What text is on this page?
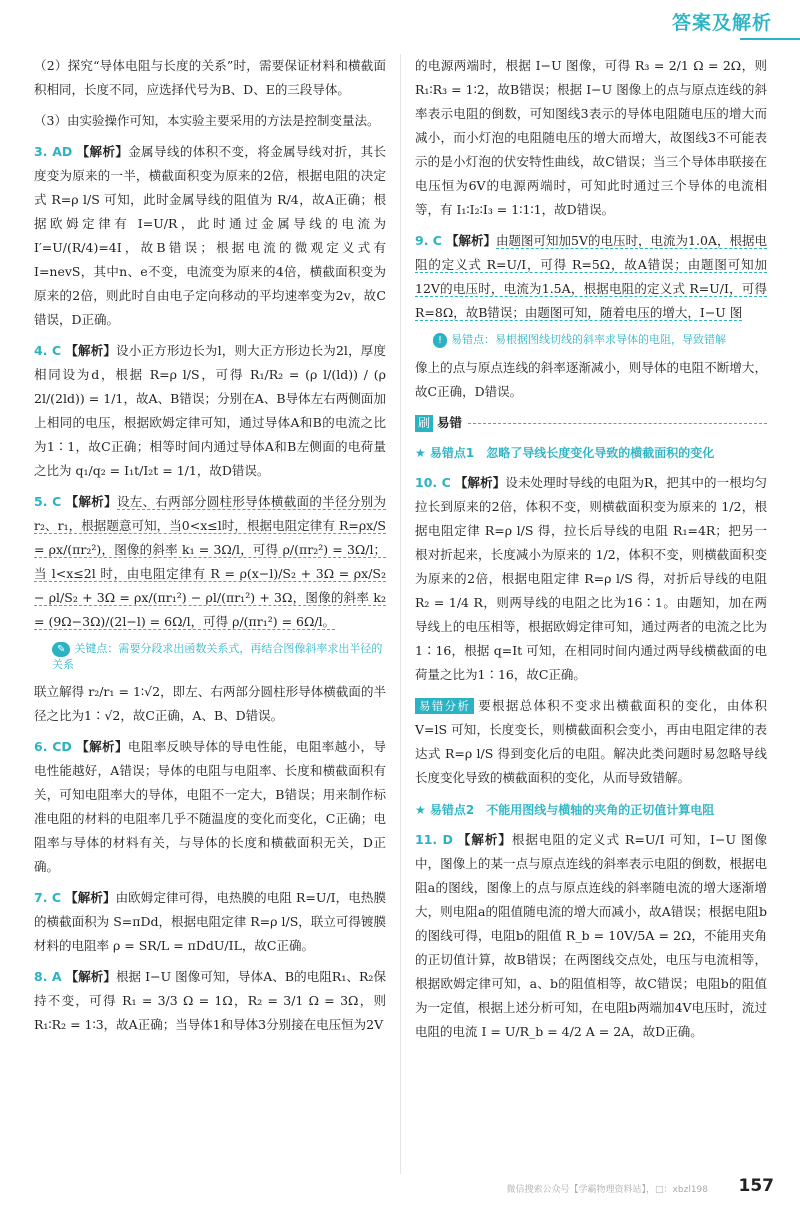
答案及解析

（2）探究“导体电阻与长度的关系”时，需要保证材料和横截面积相同，长度不同，应选择代号为B、D、E的三段导体。

（3）由实验操作可知，本实验主要采用的方法是控制变量法。

3. AD 【解析】金属导线的体积不变，将金属导线对折，其长度变为原来的一半，横截面积变为原来的2倍，根据电阻的决定式 R=ρ l/S 可知，此时金属导线的阻值为 R/4，故A正确；根据欧姆定律有 I=U/R，此时通过金属导线的电流为 I′=U/(R/4)=4I，故B错误；根据电流的微观定义式有 I=nevS，其中n、e不变，电流变为原来的4倍，横截面积变为原来的2倍，则此时自由电子定向移动的平均速率变为2v，故C错误，D正确。

4. C 【解析】设小正方形边长为l，则大正方形边长为2l，厚度相同设为d，根据 R=ρ l/S，可得 R₁/R₂ = (ρ l/(ld)) / (ρ 2l/(2ld)) = 1/1，故A、B错误；分别在A、B导体左右两侧面加上相同的电压，根据欧姆定律可知，通过导体A和B的电流之比为1∶1，故C正确；相等时间内通过导体A和B左侧面的电荷量之比为 q₁/q₂ = I₁t/I₂t = 1/1，故D错误。

5. C 【解析】设左、右两部分圆柱形导体横截面的半径分别为r₂、r₁，根据题意可知，当0<x≤l时，根据电阻定律有 R=ρx/S = ρx/(πr₂²)，图像的斜率 k₁ = 3Ω/l，可得 ρ/(πr₂²) = 3Ω/l；当 l<x≤2l 时，由电阻定律有 R = ρ(x−l)/S₂ + 3Ω = ρx/S₂ − ρl/S₂ + 3Ω = ρx/(πr₁²) − ρl/(πr₁²) + 3Ω，图像的斜率 k₂ = (9Ω−3Ω)/(2l−l) = 6Ω/l，可得 ρ/(πr₁²) = 6Ω/l。

✎ 关键点：需要分段求出函数关系式，再结合图像斜率求出半径的关系

联立解得 r₂/r₁ = 1∶√2，即左、右两部分圆柱形导体横截面的半径之比为1∶√2，故C正确，A、B、D错误。

6. CD 【解析】电阻率反映导体的导电性能，电阻率越小，导电性能越好，A错误；导体的电阻与电阻率、长度和横截面积有关，可知电阻率大的导体，电阻不一定大，B错误；用来制作标准电阻的材料的电阻率几乎不随温度的变化而变化，C正确；电阻率与导体的材料有关，与导体的长度和横截面积无关，D正确。

7. C 【解析】由欧姆定律可得，电热膜的电阻 R=U/I，电热膜的横截面积为 S=πDd，根据电阻定律 R=ρ l/S，联立可得镀膜材料的电阻率 ρ = SR/L = πDdU/IL，故C正确。

8. A 【解析】根据 I−U 图像可知，导体A、B的电阻R₁、R₂保持不变，可得 R₁ = 3/3 Ω = 1Ω，R₂ = 3/1 Ω = 3Ω，则 R₁∶R₂ = 1∶3，故A正确；当导体1和导体3分别接在电压恒为2V

的电源两端时，根据 I−U 图像，可得 R₃ = 2/1 Ω = 2Ω，则 R₁∶R₃ = 1∶2，故B错误；根据 I−U 图像上的点与原点连线的斜率表示电阻的倒数，可知图线3表示的导体电阻随电压的增大而减小，而小灯泡的电阻随电压的增大而增大，故图线3不可能表示的是小灯泡的伏安特性曲线，故C错误；当三个导体串联接在电压恒为6V的电源两端时，可知此时通过三个导体的电流相等，有 I₁∶I₂∶I₃ = 1∶1∶1，故D错误。

9. C 【解析】由题图可知加5V的电压时，电流为1.0A，根据电阻的定义式 R=U/I，可得 R=5Ω，故A错误；由题图可知加12V的电压时，电流为1.5A，根据电阻的定义式 R=U/I，可得 R=8Ω，故B错误；由题图可知，随着电压的增大，I−U 图

! 易错点：易根据图线切线的斜率求导体的电阻，导致错解

像上的点与原点连线的斜率逐渐减小，则导体的电阻不断增大，故C正确，D错误。

刷 易错
★ 易错点1　忽略了导线长度变化导致的横截面积的变化

10. C 【解析】设未处理时导线的电阻为R，把其中的一根均匀拉长到原来的2倍，体积不变，则横截面积变为原来的 1/2，根据电阻定律 R=ρ l/S 得，拉长后导线的电阻 R₁=4R；把另一根对折起来，长度减小为原来的 1/2，体积不变，则横截面积变为原来的2倍，根据电阻定律 R=ρ l/S 得，对折后导线的电阻 R₂ = 1/4 R，则两导线的电阻之比为16∶1。由题知，加在两导线上的电压相等，根据欧姆定律可知，通过两者的电流之比为1∶16，根据 q=It 可知，在相同时间内通过两导线横截面的电荷量之比为1∶16，故C正确。

易错分析 要根据总体积不变求出横截面积的变化，由体积 V=lS 可知，长度变长，则横截面积会变小，再由电阻定律的表达式 R=ρ l/S 得到变化后的电阻。解决此类问题时易忽略导线长度变化导致的横截面积的变化，从而导致错解。

★ 易错点2　不能用图线与横轴的夹角的正切值计算电阻

11. D 【解析】根据电阻的定义式 R=U/I 可知，I−U 图像中，图像上的某一点与原点连线的斜率表示电阻的倒数，根据电阻a的图线，图像上的点与原点连线的斜率随电流的增大逐渐增大，则电阻a的阻值随电流的增大而减小，故A错误；根据电阻b的图线可得，电阻b的阻值 R_b = 10V/5A = 2Ω，不能用夹角的正切值计算，故B错误；在两图线交点处，电压与电流相等，根据欧姆定律可知，a、b的阻值相等，故C错误；电阻b的阻值为一定值，根据上述分析可知，在电阻b两端加4V电压时，流过电阻的电流 I = U/R_b = 4/2 A = 2A，故D正确。

微信搜索公众号【学霸物理资料站】，□：xbzl198 157
